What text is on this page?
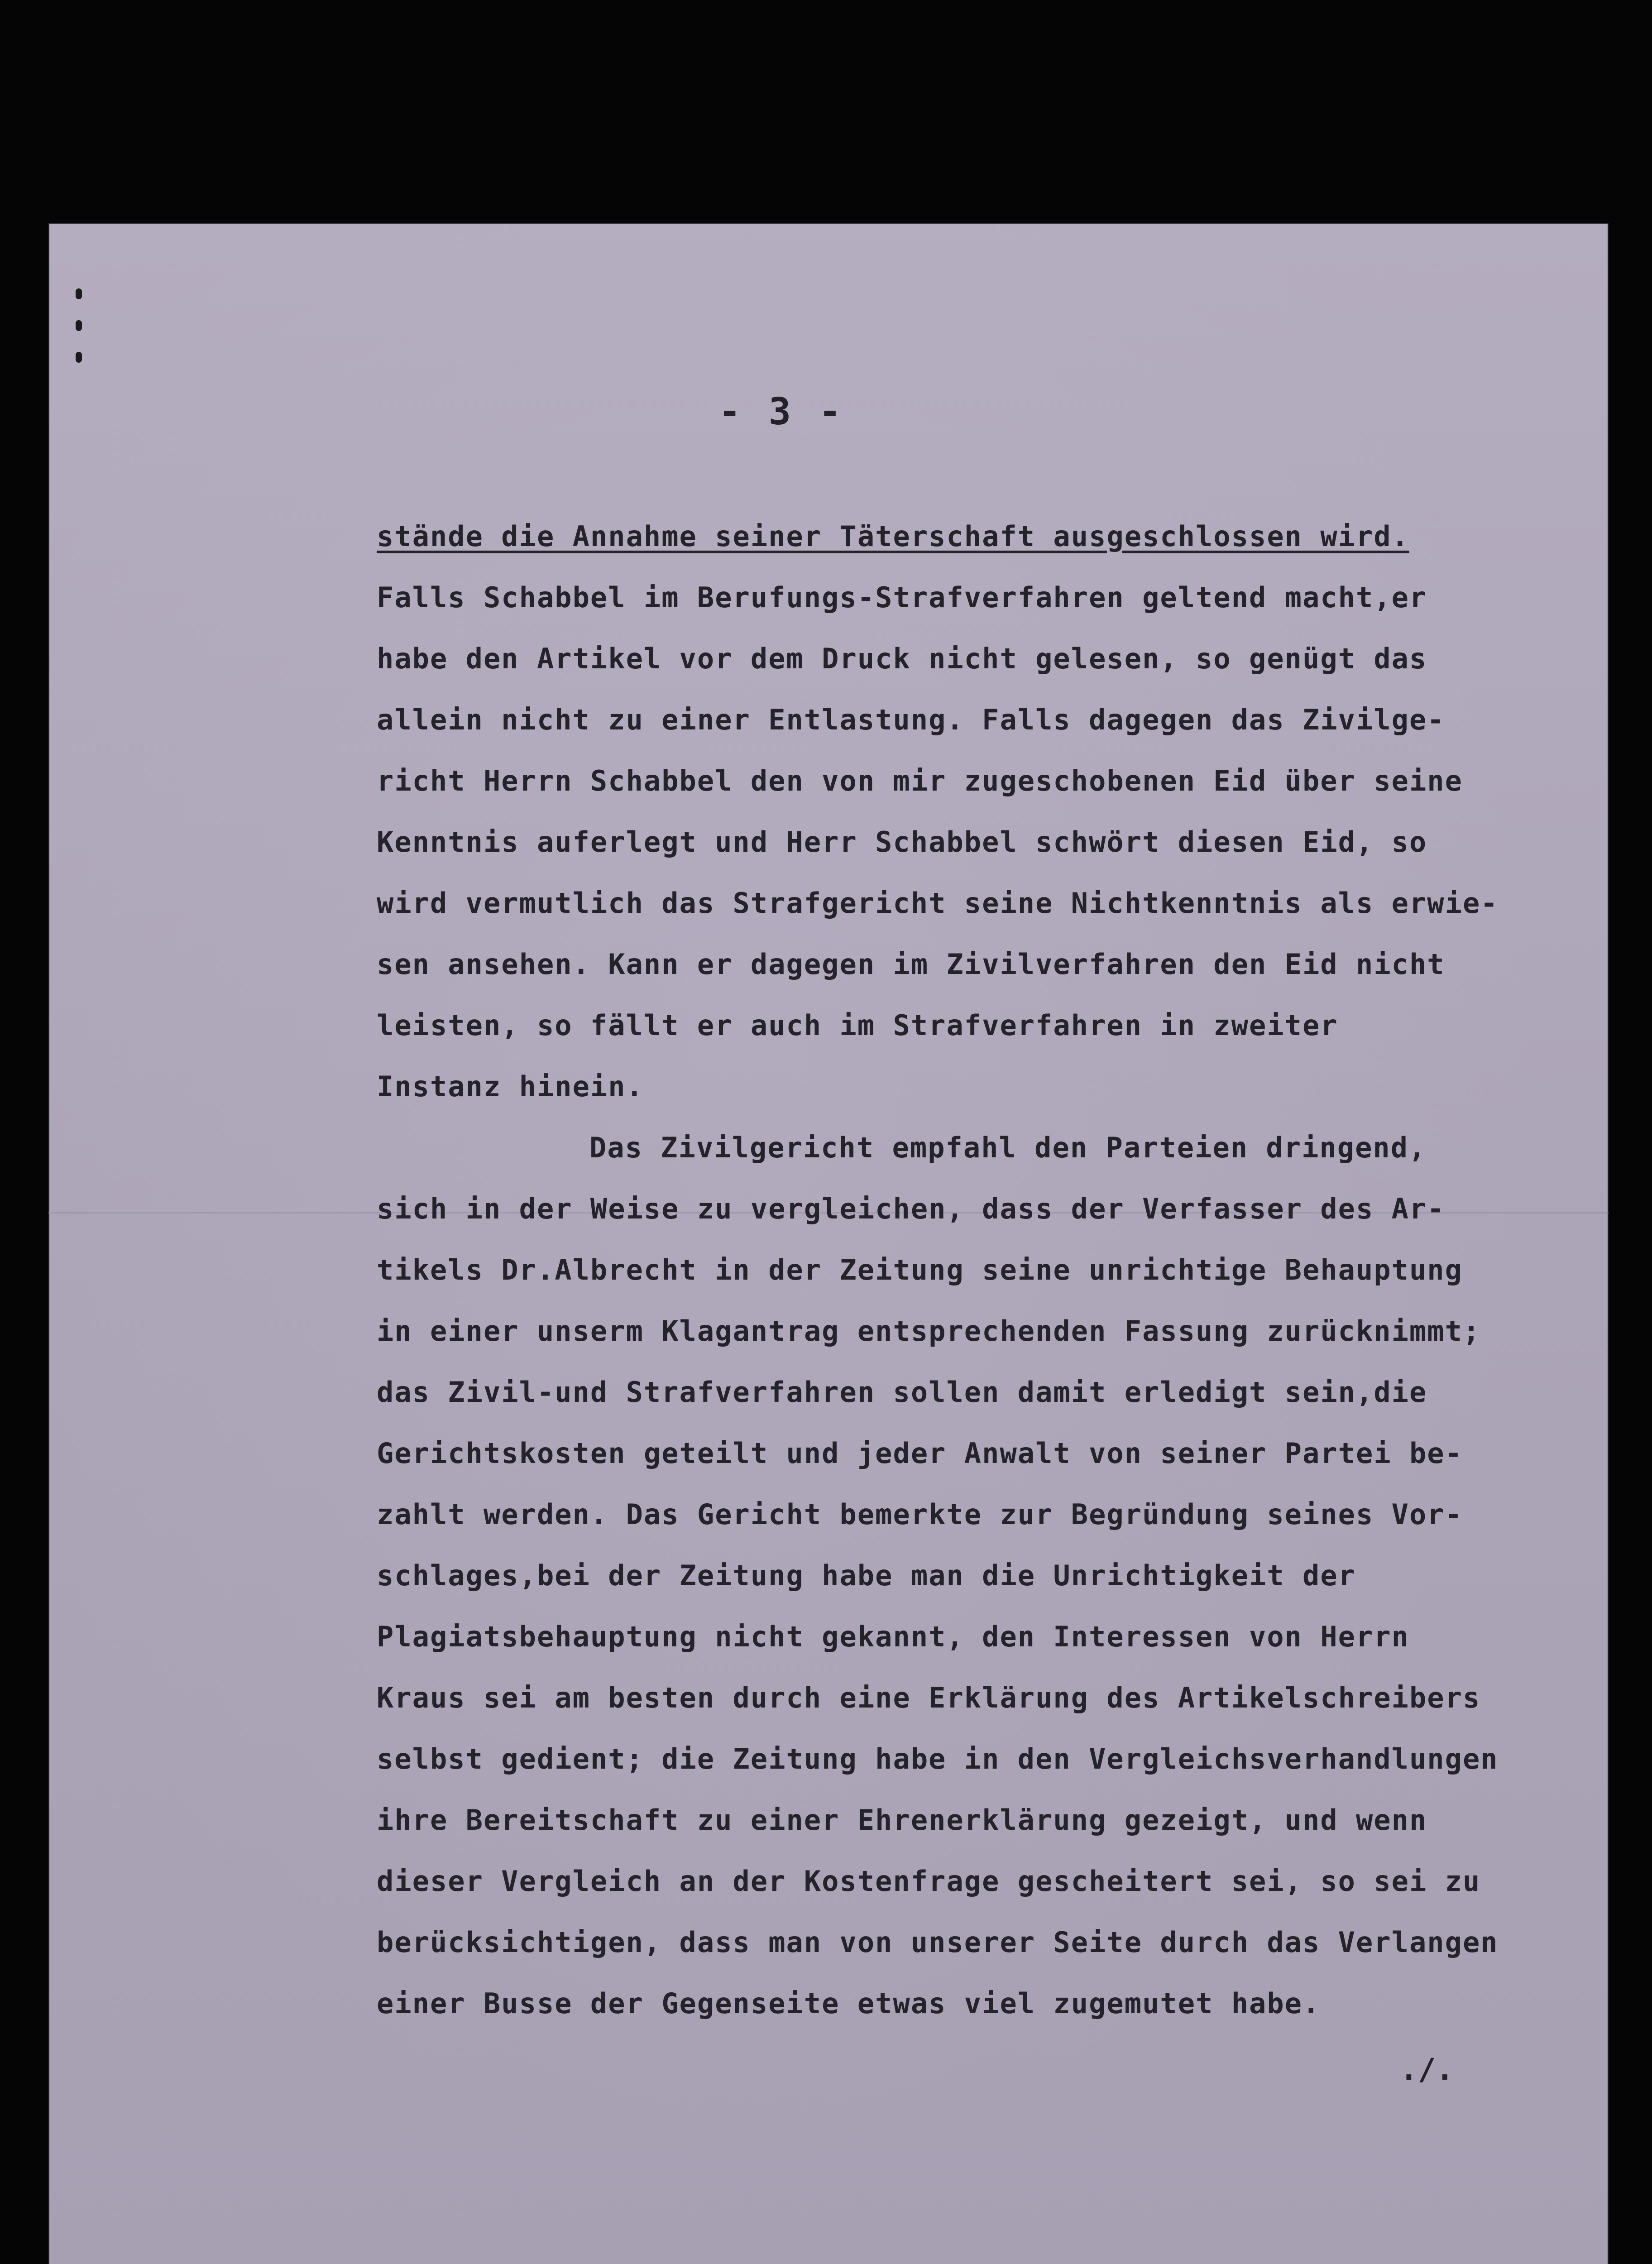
- 3 -
stände die Annahme seiner Täterschaft ausgeschlossen wird.
Falls Schabbel im Berufungs-Strafverfahren geltend macht,er
habe den Artikel vor dem Druck nicht gelesen, so genügt das
allein nicht zu einer Entlastung. Falls dagegen das Zivilge-
richt Herrn Schabbel den von mir zugeschobenen Eid über seine
Kenntnis auferlegt und Herr Schabbel schwört diesen Eid, so
wird vermutlich das Strafgericht seine Nichtkenntnis als erwie-
sen ansehen. Kann er dagegen im Zivilverfahren den Eid nicht
leisten, so fällt er auch im Strafverfahren in zweiter
Instanz hinein.
Das Zivilgericht empfahl den Parteien dringend,
sich in der Weise zu vergleichen, dass der Verfasser des Ar-
tikels Dr.Albrecht in der Zeitung seine unrichtige Behauptung
in einer unserm Klagantrag entsprechenden Fassung zurücknimmt;
das Zivil-und Strafverfahren sollen damit erledigt sein,die
Gerichtskosten geteilt und jeder Anwalt von seiner Partei be-
zahlt werden. Das Gericht bemerkte zur Begründung seines Vor-
schlages,bei der Zeitung habe man die Unrichtigkeit der
Plagiatsbehauptung nicht gekannt, den Interessen von Herrn
Kraus sei am besten durch eine Erklärung des Artikelschreibers
selbst gedient; die Zeitung habe in den Vergleichsverhandlungen
ihre Bereitschaft zu einer Ehrenerklärung gezeigt, und wenn
dieser Vergleich an der Kostenfrage gescheitert sei, so sei zu
berücksichtigen, dass man von unserer Seite durch das Verlangen
einer Busse der Gegenseite etwas viel zugemutet habe.
./.
